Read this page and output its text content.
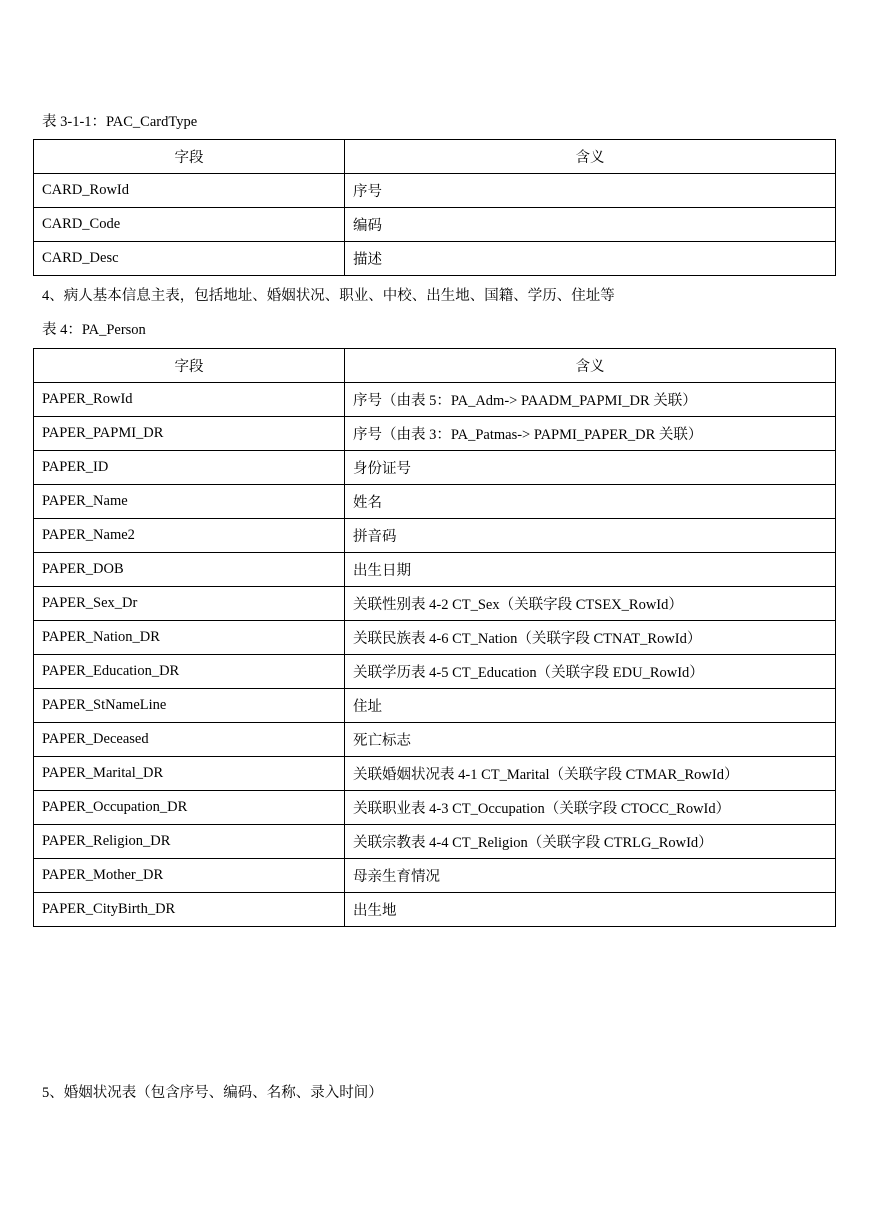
表 3-1-1：PAC_CardType
字段	含义
CARD_RowId	序号
CARD_Code	编码
CARD_Desc	描述
4、病人基本信息主表，包括地址、婚姻状况、职业、中校、出生地、国籍、学历、住址等
表 4：PA_Person
字段	含义
PAPER_RowId	序号（由表 5：PA_Adm-> PAADM_PAPMI_DR 关联）
PAPER_PAPMI_DR	序号（由表 3：PA_Patmas-> PAPMI_PAPER_DR 关联）
PAPER_ID	身份证号
PAPER_Name	姓名
PAPER_Name2	拼音码
PAPER_DOB	出生日期
PAPER_Sex_Dr	关联性别表 4-2 CT_Sex（关联字段 CTSEX_RowId）
PAPER_Nation_DR	关联民族表 4-6 CT_Nation（关联字段 CTNAT_RowId）
PAPER_Education_DR	关联学历表 4-5 CT_Education（关联字段 EDU_RowId）
PAPER_StNameLine	住址
PAPER_Deceased	死亡标志
PAPER_Marital_DR	关联婚姻状况表 4-1 CT_Marital（关联字段 CTMAR_RowId）
PAPER_Occupation_DR	关联职业表 4-3 CT_Occupation（关联字段 CTOCC_RowId）
PAPER_Religion_DR	关联宗教表 4-4 CT_Religion（关联字段 CTRLG_RowId）
PAPER_Mother_DR	母亲生育情况
PAPER_CityBirth_DR	出生地
5、婚姻状况表（包含序号、编码、名称、录入时间）
